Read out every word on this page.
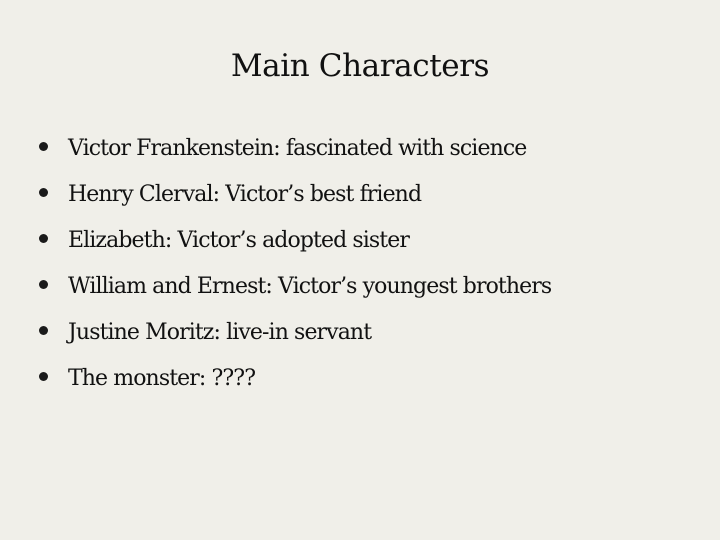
Main Characters
Victor Frankenstein: fascinated with science
Henry Clerval: Victor’s best friend
Elizabeth: Victor’s adopted sister
William and Ernest: Victor’s youngest brothers
Justine Moritz: live-in servant
The monster: ????
